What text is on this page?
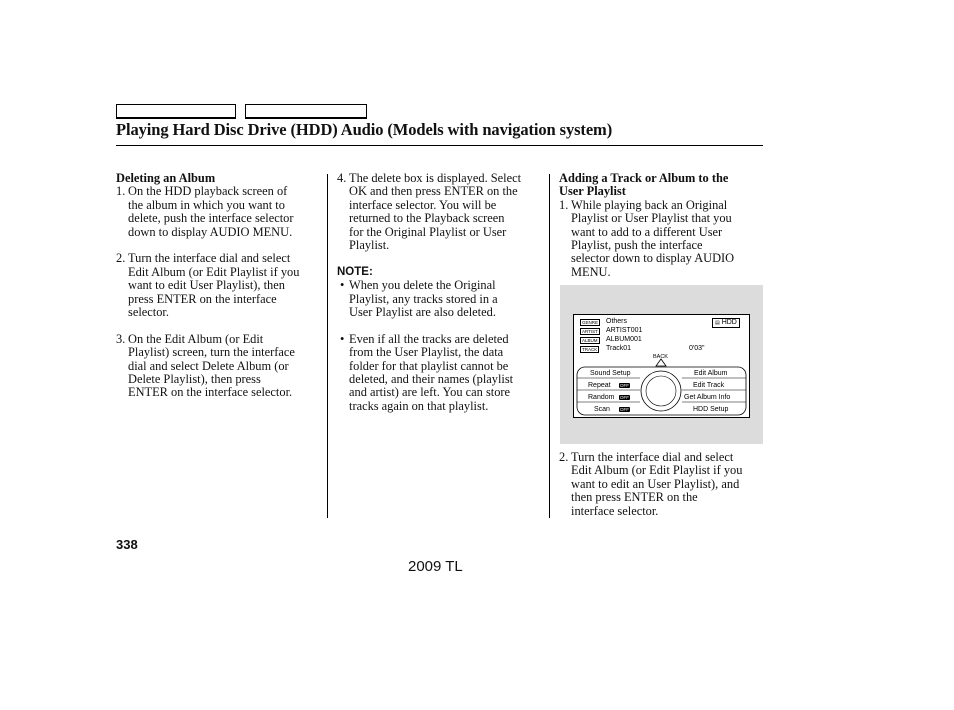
Playing Hard Disc Drive (HDD) Audio (Models with navigation system)
Deleting an Album
1. On the HDD playback screen of
the album in which you want to
delete, push the interface selector
down to display AUDIO MENU.
2. Turn the interface dial and select
Edit Album (or Edit Playlist if you
want to edit User Playlist), then
press ENTER on the interface
selector.
3. On the Edit Album (or Edit
Playlist) screen, turn the interface
dial and select Delete Album (or
Delete Playlist), then press
ENTER on the interface selector.
4. The delete box is displayed. Select
OK and then press ENTER on the
interface selector. You will be
returned to the Playback screen
for the Original Playlist or User
Playlist.
NOTE:
• When you delete the Original
Playlist, any tracks stored in a
User Playlist are also deleted.
• Even if all the tracks are deleted
from the User Playlist, the data
folder for that playlist cannot be
deleted, and their names (playlist
and artist) are left. You can store
tracks again on that playlist.
Adding a Track or Album to the
User Playlist
1. While playing back an Original
Playlist or User Playlist that you
want to add to a different User
Playlist, push the interface
selector down to display AUDIO
MENU.
2. Turn the interface dial and select
Edit Album (or Edit Playlist if you
want to edit an User Playlist), and
then press ENTER on the
interface selector.
GENRE Others
ARTIST ARTIST001
ALBUM ALBUM001
TRACK Track01
▤ HDD
0'03"
BACK
Sound Setup
Repeat OFF
Random OFF
Scan OFF
Edit Album
Edit Track
Get Album Info
HDD Setup
338
2009 TL
